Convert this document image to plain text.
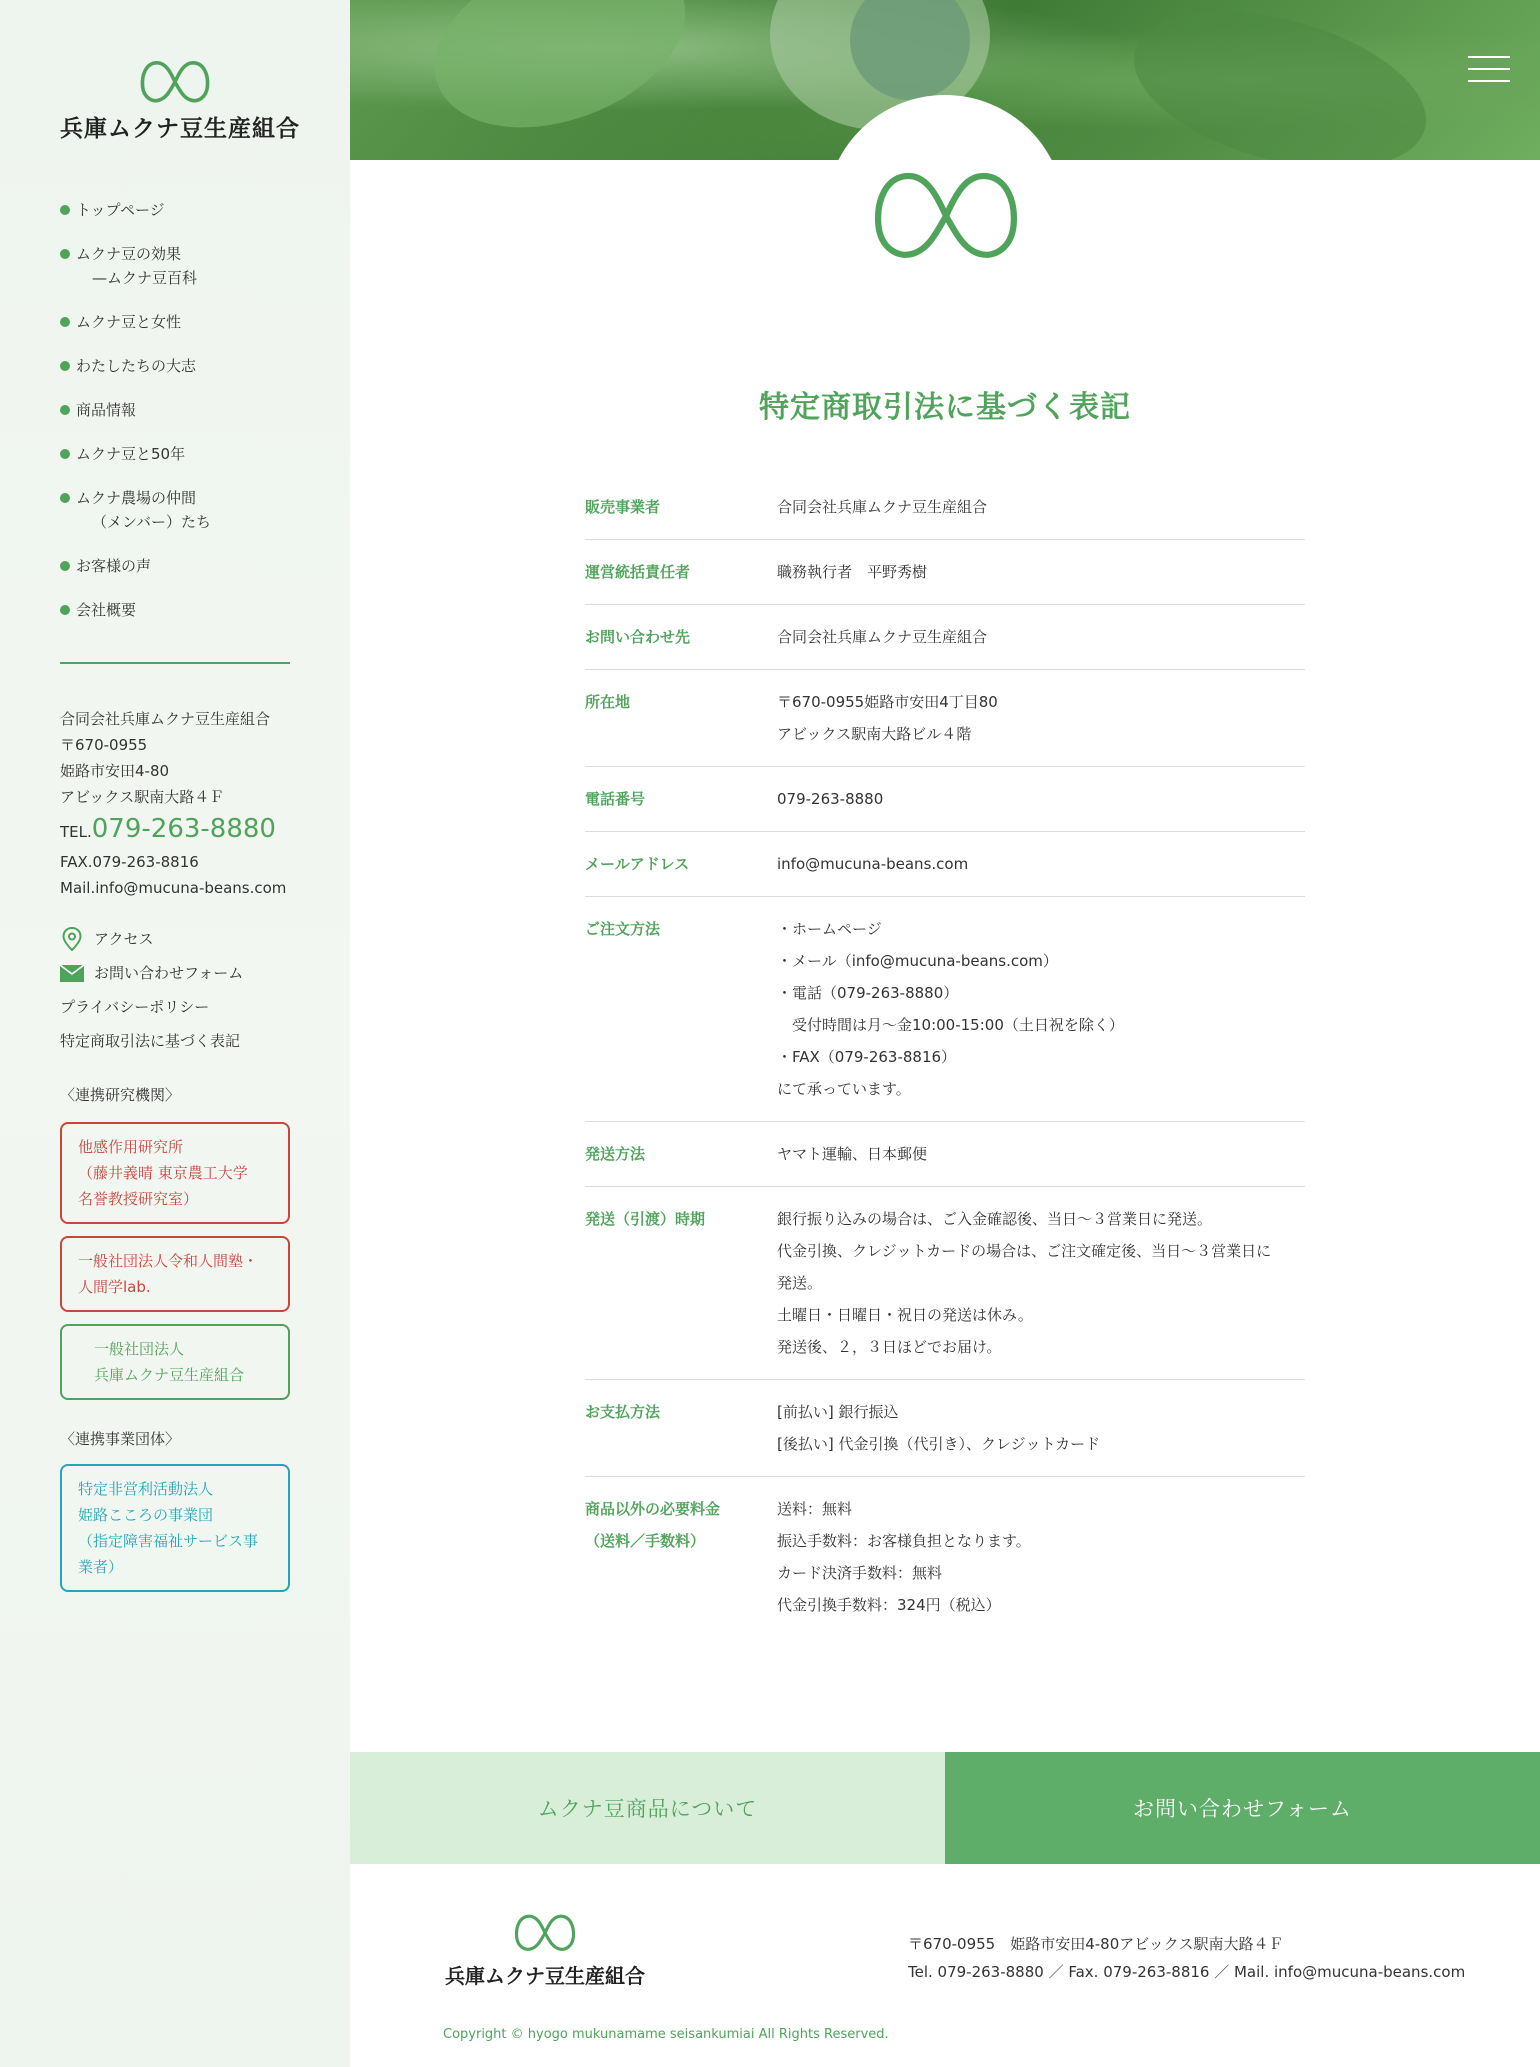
兵庫ムクナ豆生産組合
トップページ
ムクナ豆の効果
—ムクナ豆百科
ムクナ豆と女性
わたしたちの大志
商品情報
ムクナ豆と50年
ムクナ農場の仲間
（メンバー）たち
お客様の声
会社概要
合同会社兵庫ムクナ豆生産組合
〒670-0955
姫路市安田4-80
アビックス駅南大路４Ｆ
TEL.079-263-8880
FAX.079-263-8816
Mail.info@mucuna-beans.com
アクセス
お問い合わせフォーム
プライバシーポリシー
特定商取引法に基づく表記
〈連携研究機関〉
他感作用研究所
（藤井義晴 東京農工大学
名誉教授研究室）
一般社団法人令和人間塾・
人間学lab.
一般社団法人
兵庫ムクナ豆生産組合
〈連携事業団体〉
特定非営利活動法人
姫路こころの事業団
（指定障害福祉サービス事
業者）
特定商取引法に基づく表記
販売事業者	合同会社兵庫ムクナ豆生産組合
運営統括責任者	職務執行者　平野秀樹
お問い合わせ先	合同会社兵庫ムクナ豆生産組合
所在地	〒670-0955姫路市安田4丁目80
アビックス駅南大路ビル４階
電話番号	079-263-8880
メールアドレス	info@mucuna-beans.com
ご注文方法	・ホームページ
・メール（info@mucuna-beans.com）
・電話（079-263-8880）
　受付時間は月〜金10:00-15:00（土日祝を除く）
・FAX（079-263-8816）
にて承っています。
発送方法	ヤマト運輸、日本郵便
発送（引渡）時期	銀行振り込みの場合は、ご入金確認後、当日〜３営業日に発送。
代金引換、クレジットカードの場合は、ご注文確定後、当日〜３営業日に
発送。
土曜日・日曜日・祝日の発送は休み。
発送後、２，３日ほどでお届け。
お支払方法	[前払い] 銀行振込
[後払い] 代金引換（代引き）、クレジットカード
商品以外の必要料金
（送料／手数料）
送料：無料
振込手数料：お客様負担となります。
カード決済手数料：無料
代金引換手数料：324円（税込）
ムクナ豆商品について	お問い合わせフォーム
兵庫ムクナ豆生産組合
〒670-0955　姫路市安田4-80アビックス駅南大路４Ｆ
Tel. 079-263-8880 ／ Fax. 079-263-8816 ／ Mail. info@mucuna-beans.com
Copyright © hyogo mukunamame seisankumiai All Rights Reserved.
